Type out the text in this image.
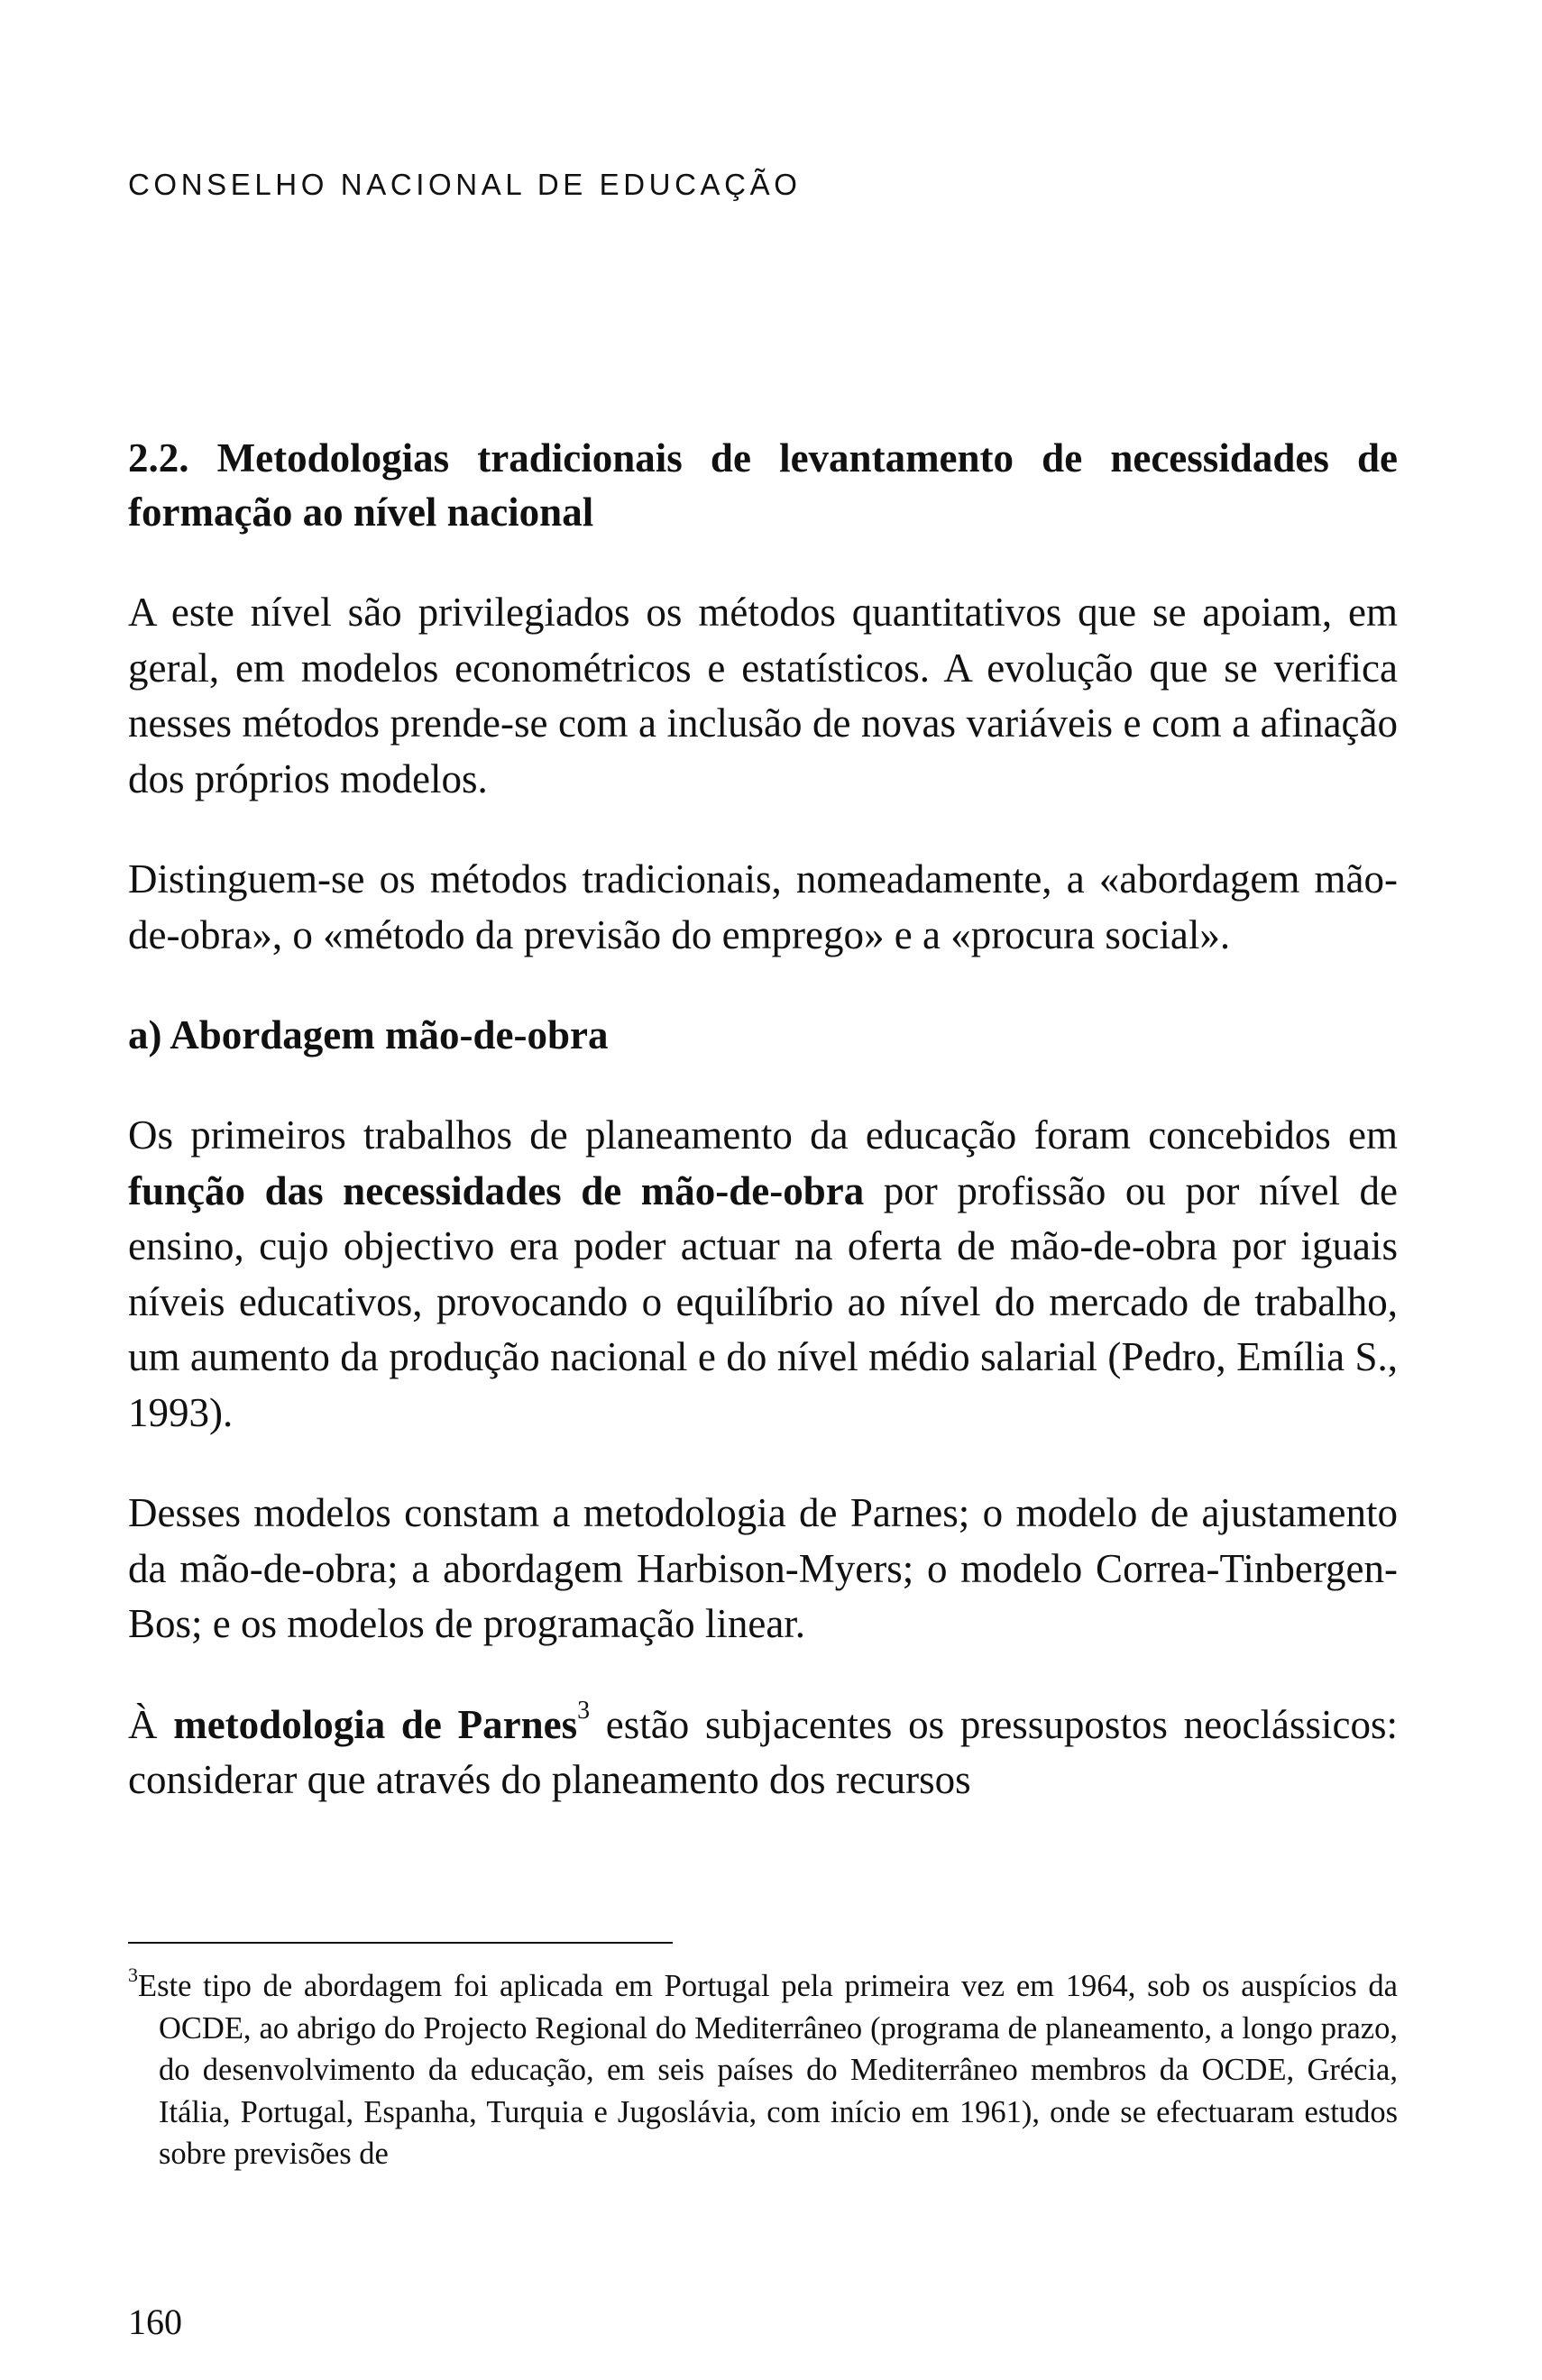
CONSELHO NACIONAL DE EDUCAÇÃO
2.2. Metodologias tradicionais de levantamento de necessidades de formação ao nível nacional

A este nível são privilegiados os métodos quantitativos que se apoiam, em geral, em modelos econométricos e estatísticos. A evolução que se verifica nesses métodos prende-se com a inclusão de novas variáveis e com a afinação dos próprios modelos.

Distinguem-se os métodos tradicionais, nomeadamente, a «abordagem mão-de-obra», o «método da previsão do emprego» e a «procura social».

a) Abordagem mão-de-obra

Os primeiros trabalhos de planeamento da educação foram concebidos em função das necessidades de mão-de-obra por profissão ou por nível de ensino, cujo objectivo era poder actuar na oferta de mão-de-obra por iguais níveis educativos, provocando o equilíbrio ao nível do mercado de trabalho, um aumento da produção nacional e do nível médio salarial (Pedro, Emília S., 1993).

Desses modelos constam a metodologia de Parnes; o modelo de ajustamento da mão-de-obra; a abordagem Harbison-Myers; o modelo Correa-Tinbergen-Bos; e os modelos de programação linear.

À metodologia de Parnes$^3$ estão subjacentes os pressupostos neoclássicos: considerar que através do planeamento dos recursos

$^3$Este tipo de abordagem foi aplicada em Portugal pela primeira vez em 1964, sob os auspícios da OCDE, ao abrigo do Projecto Regional do Mediterrâneo (programa de planeamento, a longo prazo, do desenvolvimento da educação, em seis países do Mediterrâneo membros da OCDE, Grécia, Itália, Portugal, Espanha, Turquia e Jugoslávia, com início em 1961), onde se efectuaram estudos sobre previsões de

160
